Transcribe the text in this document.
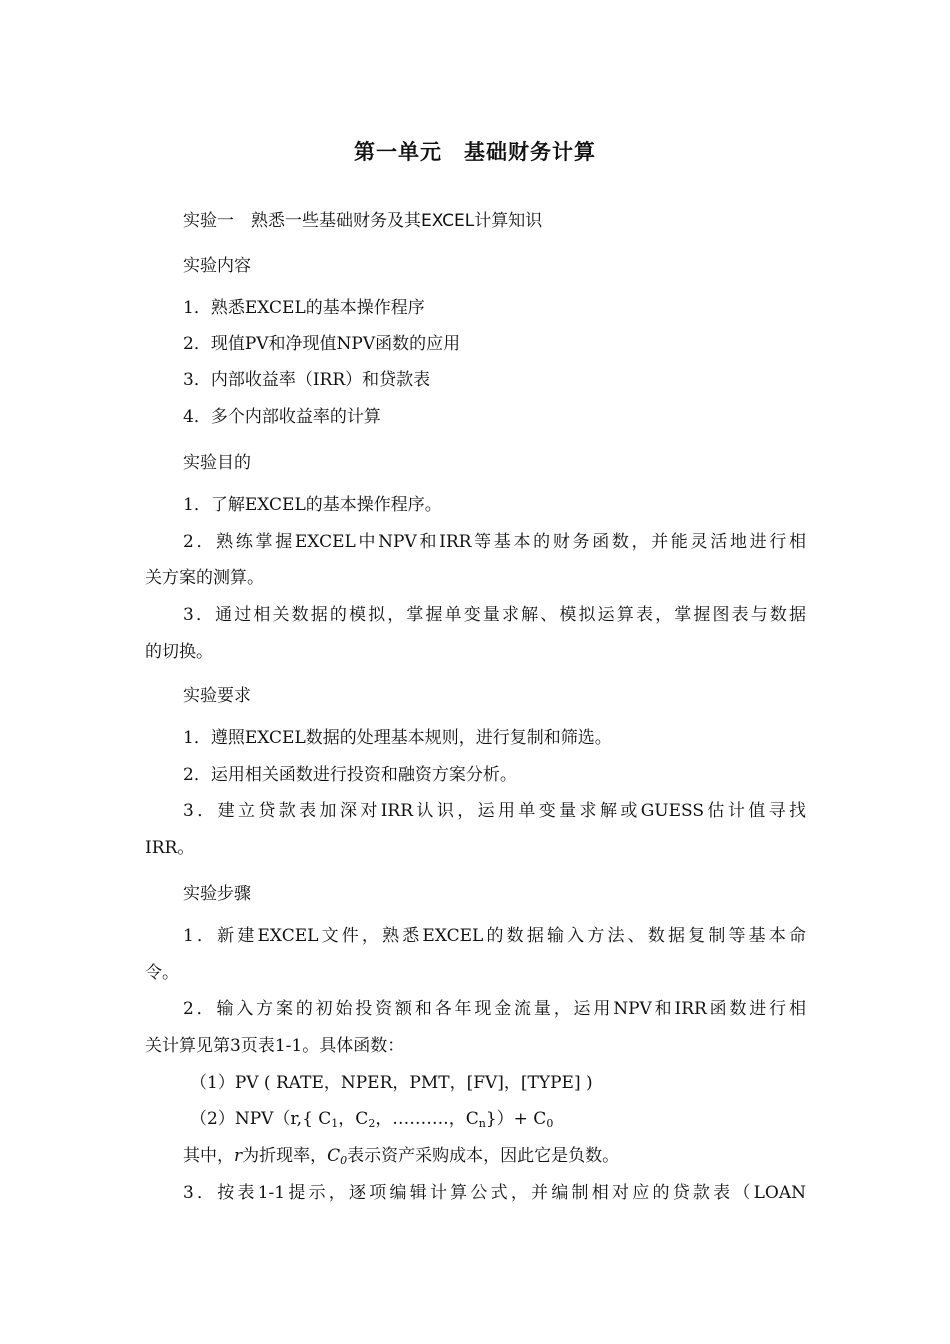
第一单元　基础财务计算
实验一　熟悉一些基础财务及其EXCEL计算知识
实验内容
1．熟悉EXCEL的基本操作程序
2．现值PV和净现值NPV函数的应用
3．内部收益率（IRR）和贷款表
4．多个内部收益率的计算
实验目的
1．了解EXCEL的基本操作程序。
2．熟练掌握EXCEL中NPV和IRR等基本的财务函数，并能灵活地进行相
关方案的测算。
3．通过相关数据的模拟，掌握单变量求解、模拟运算表，掌握图表与数据
的切换。
实验要求
1．遵照EXCEL数据的处理基本规则，进行复制和筛选。
2．运用相关函数进行投资和融资方案分析。
3．建立贷款表加深对IRR认识，运用单变量求解或GUESS估计值寻找
IRR。
实验步骤
1．新建EXCEL文件，熟悉EXCEL的数据输入方法、数据复制等基本命
令。
2．输入方案的初始投资额和各年现金流量，运用NPV和IRR函数进行相
关计算见第3页表1-1。具体函数：
（1）PV ( RATE，NPER，PMT，[FV]，[TYPE] )
（2）NPV（r,{ $C_1$，$C_2$，……….，$C_n\})+ C_0$
其中，r为折现率，$C_0$表示资产采购成本，因此它是负数。
3．按表1-1提示，逐项编辑计算公式，并编制相对应的贷款表（LOAN
